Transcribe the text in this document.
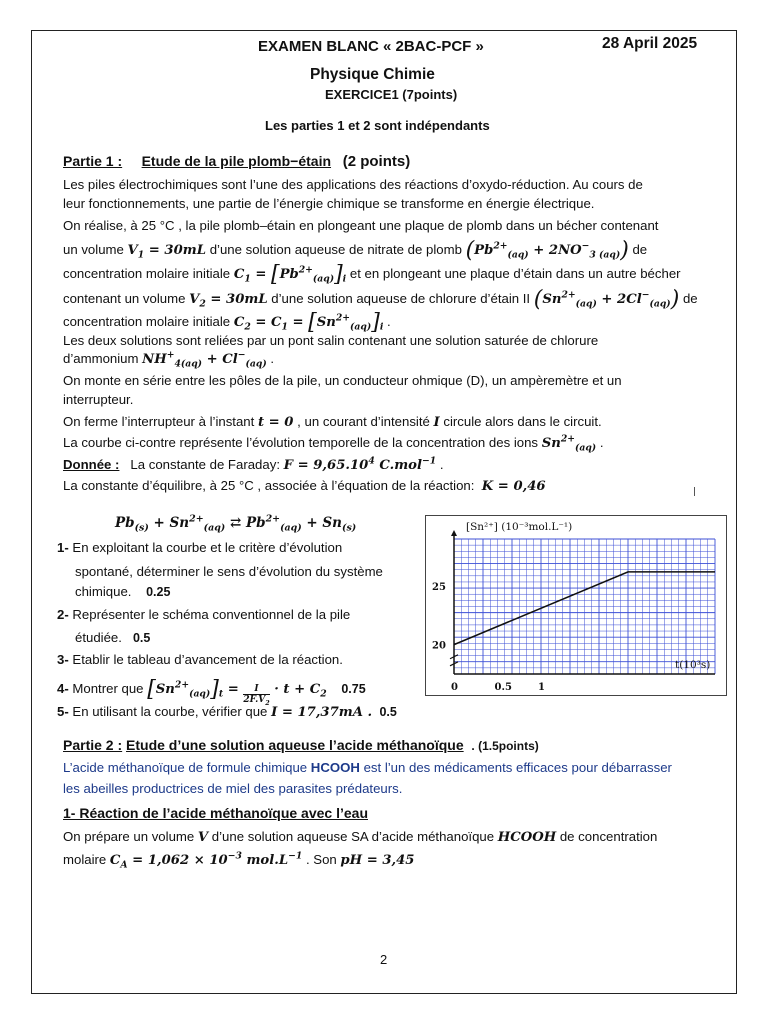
EXAMEN BLANC « 2BAC-PCF »	28 April 2025
Physique Chimie
EXERCICE1 (7points)
Les parties 1 et 2 sont indépendants
Partie 1 : Etude de la pile plomb−étain (2 points)
Les piles électrochimiques sont l’une des applications des réactions d’oxydo-réduction. Au cours de
leur fonctionnements, une partie de l’énergie chimique se transforme en énergie électrique.
On réalise, à 25 °C , la pile plomb–étain en plongeant une plaque de plomb dans un bécher contenant
un volume $V_1 = 30mL$ d’une solution aqueuse de nitrate de plomb $(Pb^{2+}_{(aq)} + 2NO^-_{3 (aq)})$ de
concentration molaire initiale $C_1 = [Pb^{2+}_{(aq)}]_i$ et en plongeant une plaque d’étain dans un autre bécher
contenant un volume $V_2 = 30mL$ d’une solution aqueuse de chlorure d’étain II $(Sn^{2+}_{(aq)} + 2Cl^-_{(aq)})$ de
concentration molaire initiale $C_2 = C_1 = [Sn^{2+}_{(aq)}]_i$ .
Les deux solutions sont reliées par un pont salin contenant une solution saturée de chlorure
d’ammonium $NH^+_{4(aq)} + Cl^-_{(aq)}$ .
On monte en série entre les pôles de la pile, un conducteur ohmique (D), un ampèremètre et un
interrupteur.
On ferme l’interrupteur à l’instant t = 0 , un courant d’intensité I circule alors dans le circuit.
La courbe ci-contre représente l’évolution temporelle de la concentration des ions $Sn^{2+}_{(aq)}$ .
Donnée : La constante de Faraday: $F = 9,65.10^4$ C.mol$^{-1}$ .
La constante d’équilibre, à 25 °C , associée à l’équation de la réaction: K = 0,46
$Pb_{(s)} + Sn^{2+}_{(aq)}$ ⇄ $Pb^{2+}_{(aq)} + Sn_{(s)}$
1- En exploitant la courbe et le critère d’évolution
spontané, déterminer le sens d’évolution du système
chimique. 0.25
2- Représenter le schéma conventionnel de la pile
étudiée. 0.5
3- Etablir le tableau d’avancement de la réaction.
4- Montrer que $[Sn^{2+}_{(aq)}]_t = \frac{I}{2F.V_2} \cdot t + C_2$ 0.75
5- En utilisant la courbe, vérifier que I = 17,37mA . 0.5
[Sn²⁺] (10⁻³mol.L⁻¹)
t(10³s)
20
25
0	0.5	1
Partie 2 : Etude d’une solution aqueuse l’acide méthanoïque . (1.5points)
L’acide méthanoïque de formule chimique HCOOH est l’un des médicaments efficaces pour débarrasser
les abeilles productrices de miel des parasites prédateurs.
1- Réaction de l’acide méthanoïque avec l’eau
On prépare un volume V d’une solution aqueuse SA d’acide méthanoïque HCOOH de concentration
molaire $C_A = 1,062 \times 10^{-3}$ $mol.L^{-1}$ . Son pH = 3,45
2
